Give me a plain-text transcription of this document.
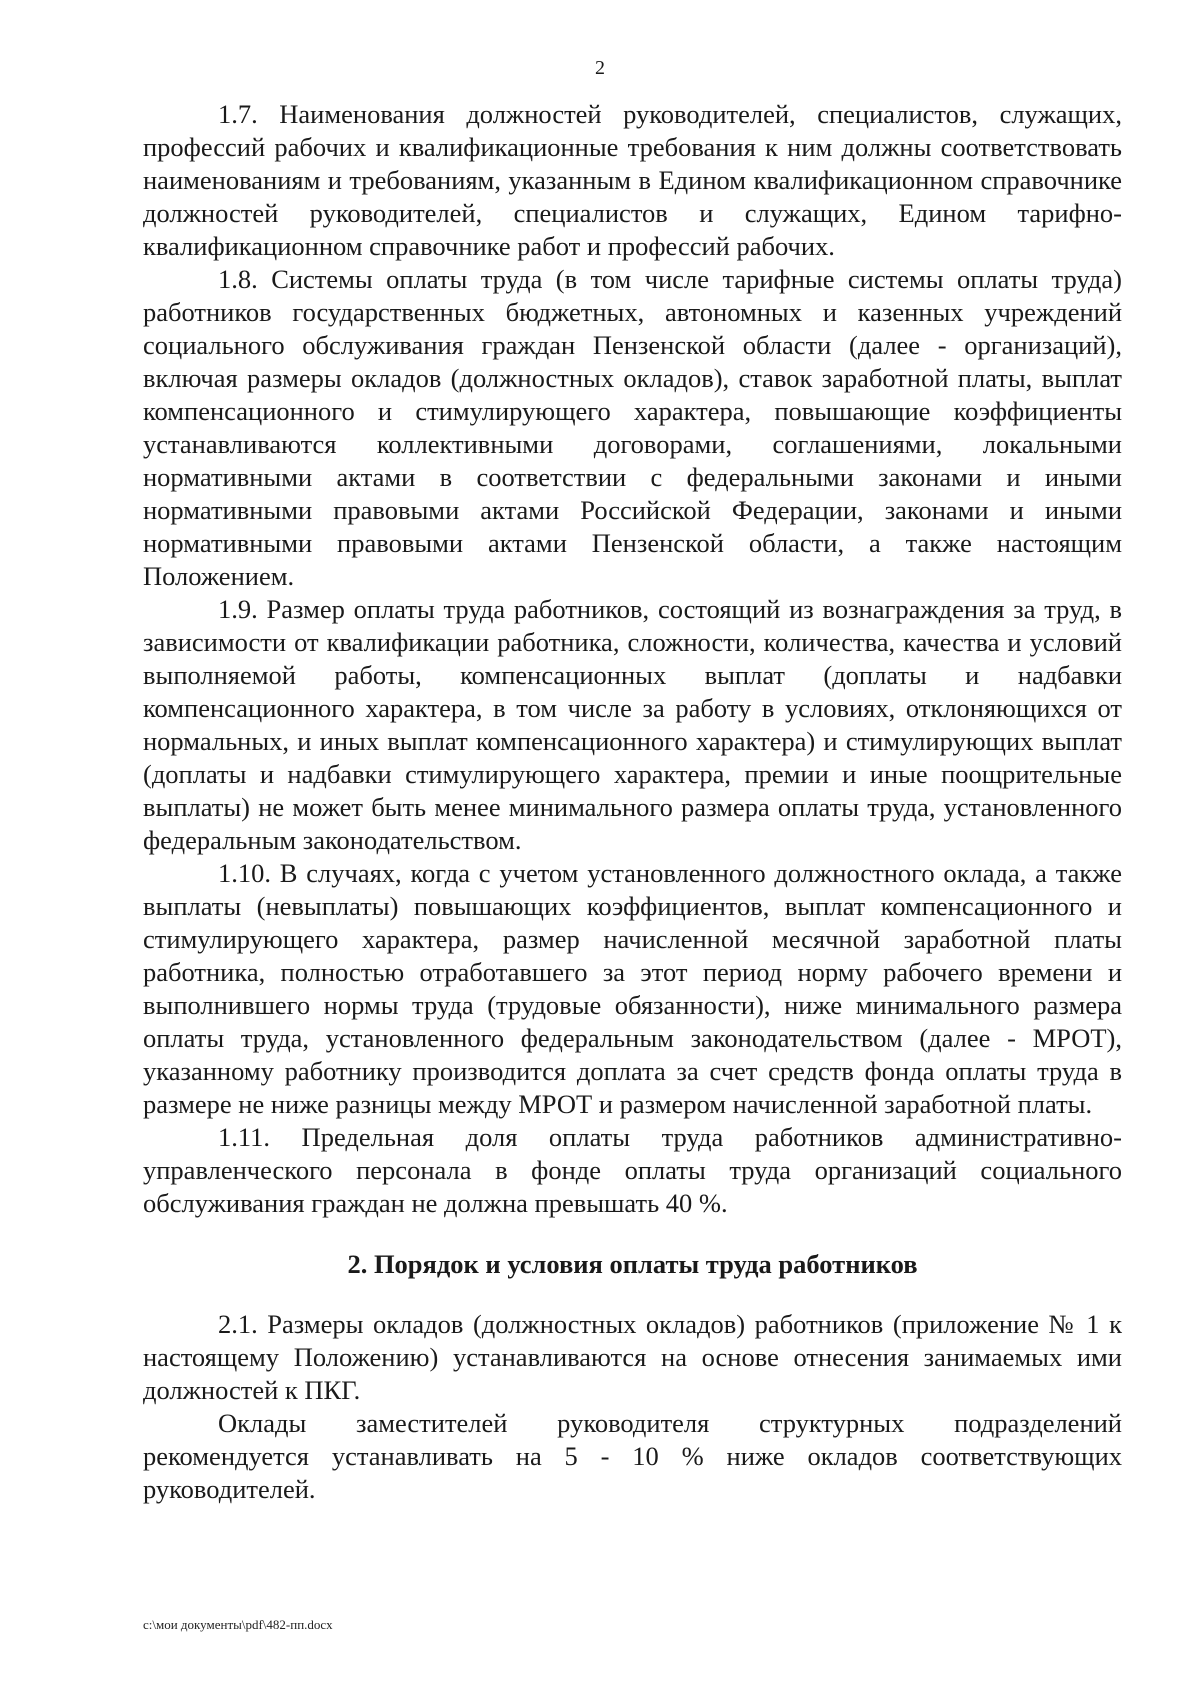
2

1.7. Наименования должностей руководителей, специалистов, служащих, профессий рабочих и квалификационные требования к ним должны соответствовать наименованиям и требованиям, указанным в Едином квалификационном справочнике должностей руководителей, специалистов и служащих, Едином тарифно-квалификационном справочнике работ и профессий рабочих.

1.8. Системы оплаты труда (в том числе тарифные системы оплаты труда) работников государственных бюджетных, автономных и казенных учреждений социального обслуживания граждан Пензенской области (далее - организаций), включая размеры окладов (должностных окладов), ставок заработной платы, выплат компенсационного и стимулирующего характера, повышающие коэффициенты устанавливаются коллективными договорами, соглашениями, локальными нормативными актами в соответствии с федеральными законами и иными нормативными правовыми актами Российской Федерации, законами и иными нормативными правовыми актами Пензенской области, а также настоящим Положением.

1.9. Размер оплаты труда работников, состоящий из вознаграждения за труд, в зависимости от квалификации работника, сложности, количества, качества и условий выполняемой работы, компенсационных выплат (доплаты и надбавки компенсационного характера, в том числе за работу в условиях, отклоняющихся от нормальных, и иных выплат компенсационного характера) и стимулирующих выплат (доплаты и надбавки стимулирующего характера, премии и иные поощрительные выплаты) не может быть менее минимального размера оплаты труда, установленного федеральным законодательством.

1.10. В случаях, когда с учетом установленного должностного оклада, а также выплаты (невыплаты) повышающих коэффициентов, выплат компенсационного и стимулирующего характера, размер начисленной месячной заработной платы работника, полностью отработавшего за этот период норму рабочего времени и выполнившего нормы труда (трудовые обязанности), ниже минимального размера оплаты труда, установленного федеральным законодательством (далее - МРОТ), указанному работнику производится доплата за счет средств фонда оплаты труда в размере не ниже разницы между МРОТ и размером начисленной заработной платы.

1.11. Предельная доля оплаты труда работников административно-управленческого персонала в фонде оплаты труда организаций социального обслуживания граждан не должна превышать 40 %.

2. Порядок и условия оплаты труда работников

2.1. Размеры окладов (должностных окладов) работников (приложение № 1 к настоящему Положению) устанавливаются на основе отнесения занимаемых ими должностей к ПКГ.

Оклады заместителей руководителя структурных подразделений рекомендуется устанавливать на 5 - 10 % ниже окладов соответствующих руководителей.

c:\мои документы\pdf\482-пп.docx
